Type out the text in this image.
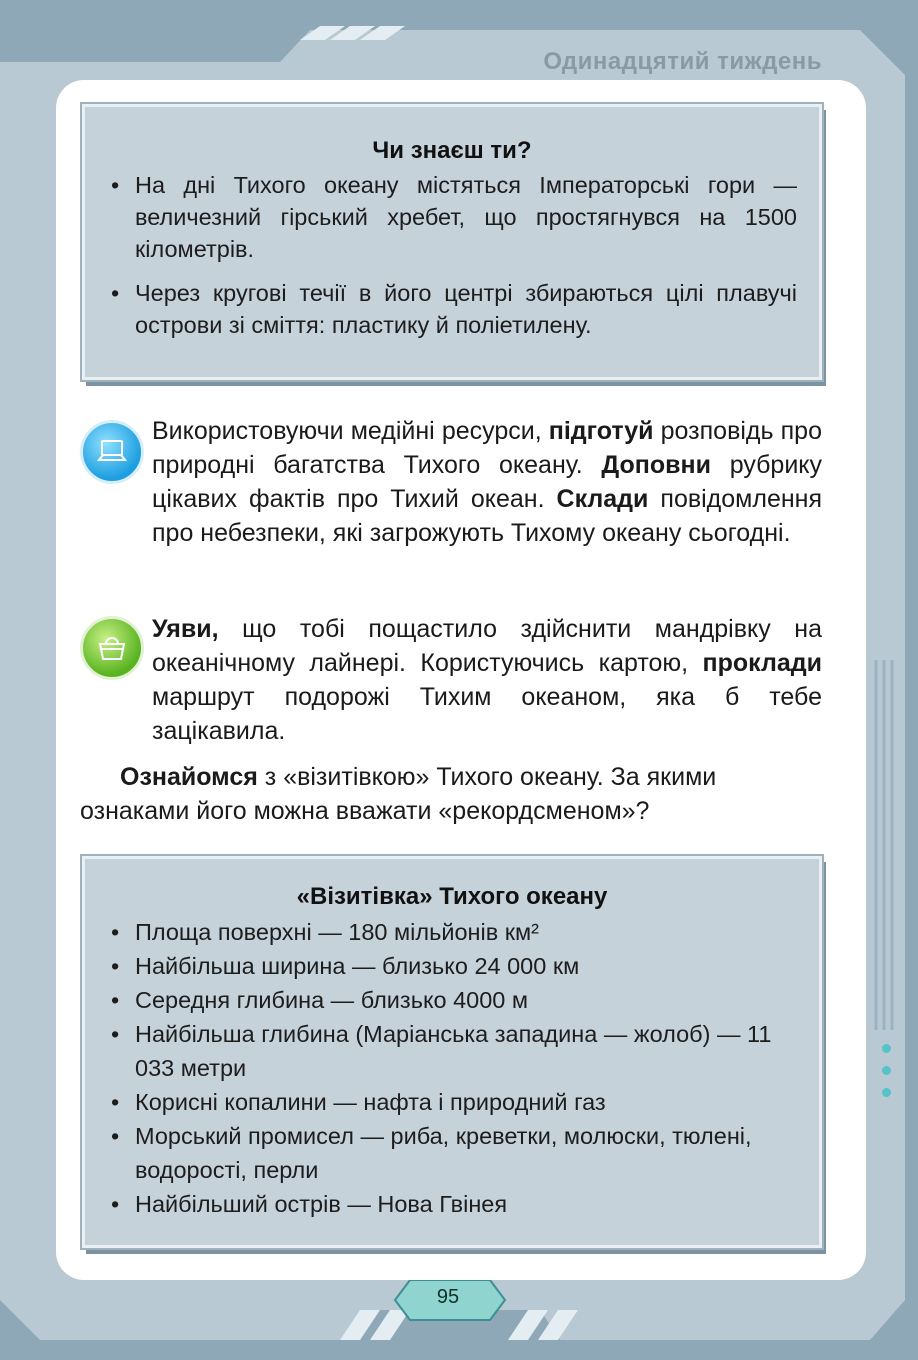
Одинадцятий тиждень
Чи знаєш ти?
• На дні Тихого океану містяться Імператорські гори — величезний гірський хребет, що простягнувся на 1500 кілометрів.
• Через кругові течії в його центрі збираються цілі плавучі острови зі сміття: пластику й поліетилену.
Використовуючи медійні ресурси, підготуй розповідь про природні багатства Тихого океану. Доповни рубрику цікавих фактів про Тихий океан. Склади повідомлення про небезпеки, які загрожують Тихому океану сьогодні.
Уяви, що тобі пощастило здійснити мандрівку на океанічному лайнері. Користуючись картою, проклади маршрут подорожі Тихим океаном, яка б тебе зацікавила.
Ознайомся з «візитівкою» Тихого океану. За якими ознаками його можна вважати «рекордсменом»?
«Візитівка» Тихого океану
• Площа поверхні — 180 мільйонів км²
• Найбільша ширина — близько 24 000 км
• Середня глибина — близько 4000 м
• Найбільша глибина (Маріанська западина — жолоб) — 11 033 метри
• Корисні копалини — нафта і природний газ
• Морський промисел — риба, креветки, молюски, тюлені, водорості, перли
• Найбільший острів — Нова Гвінея
95
